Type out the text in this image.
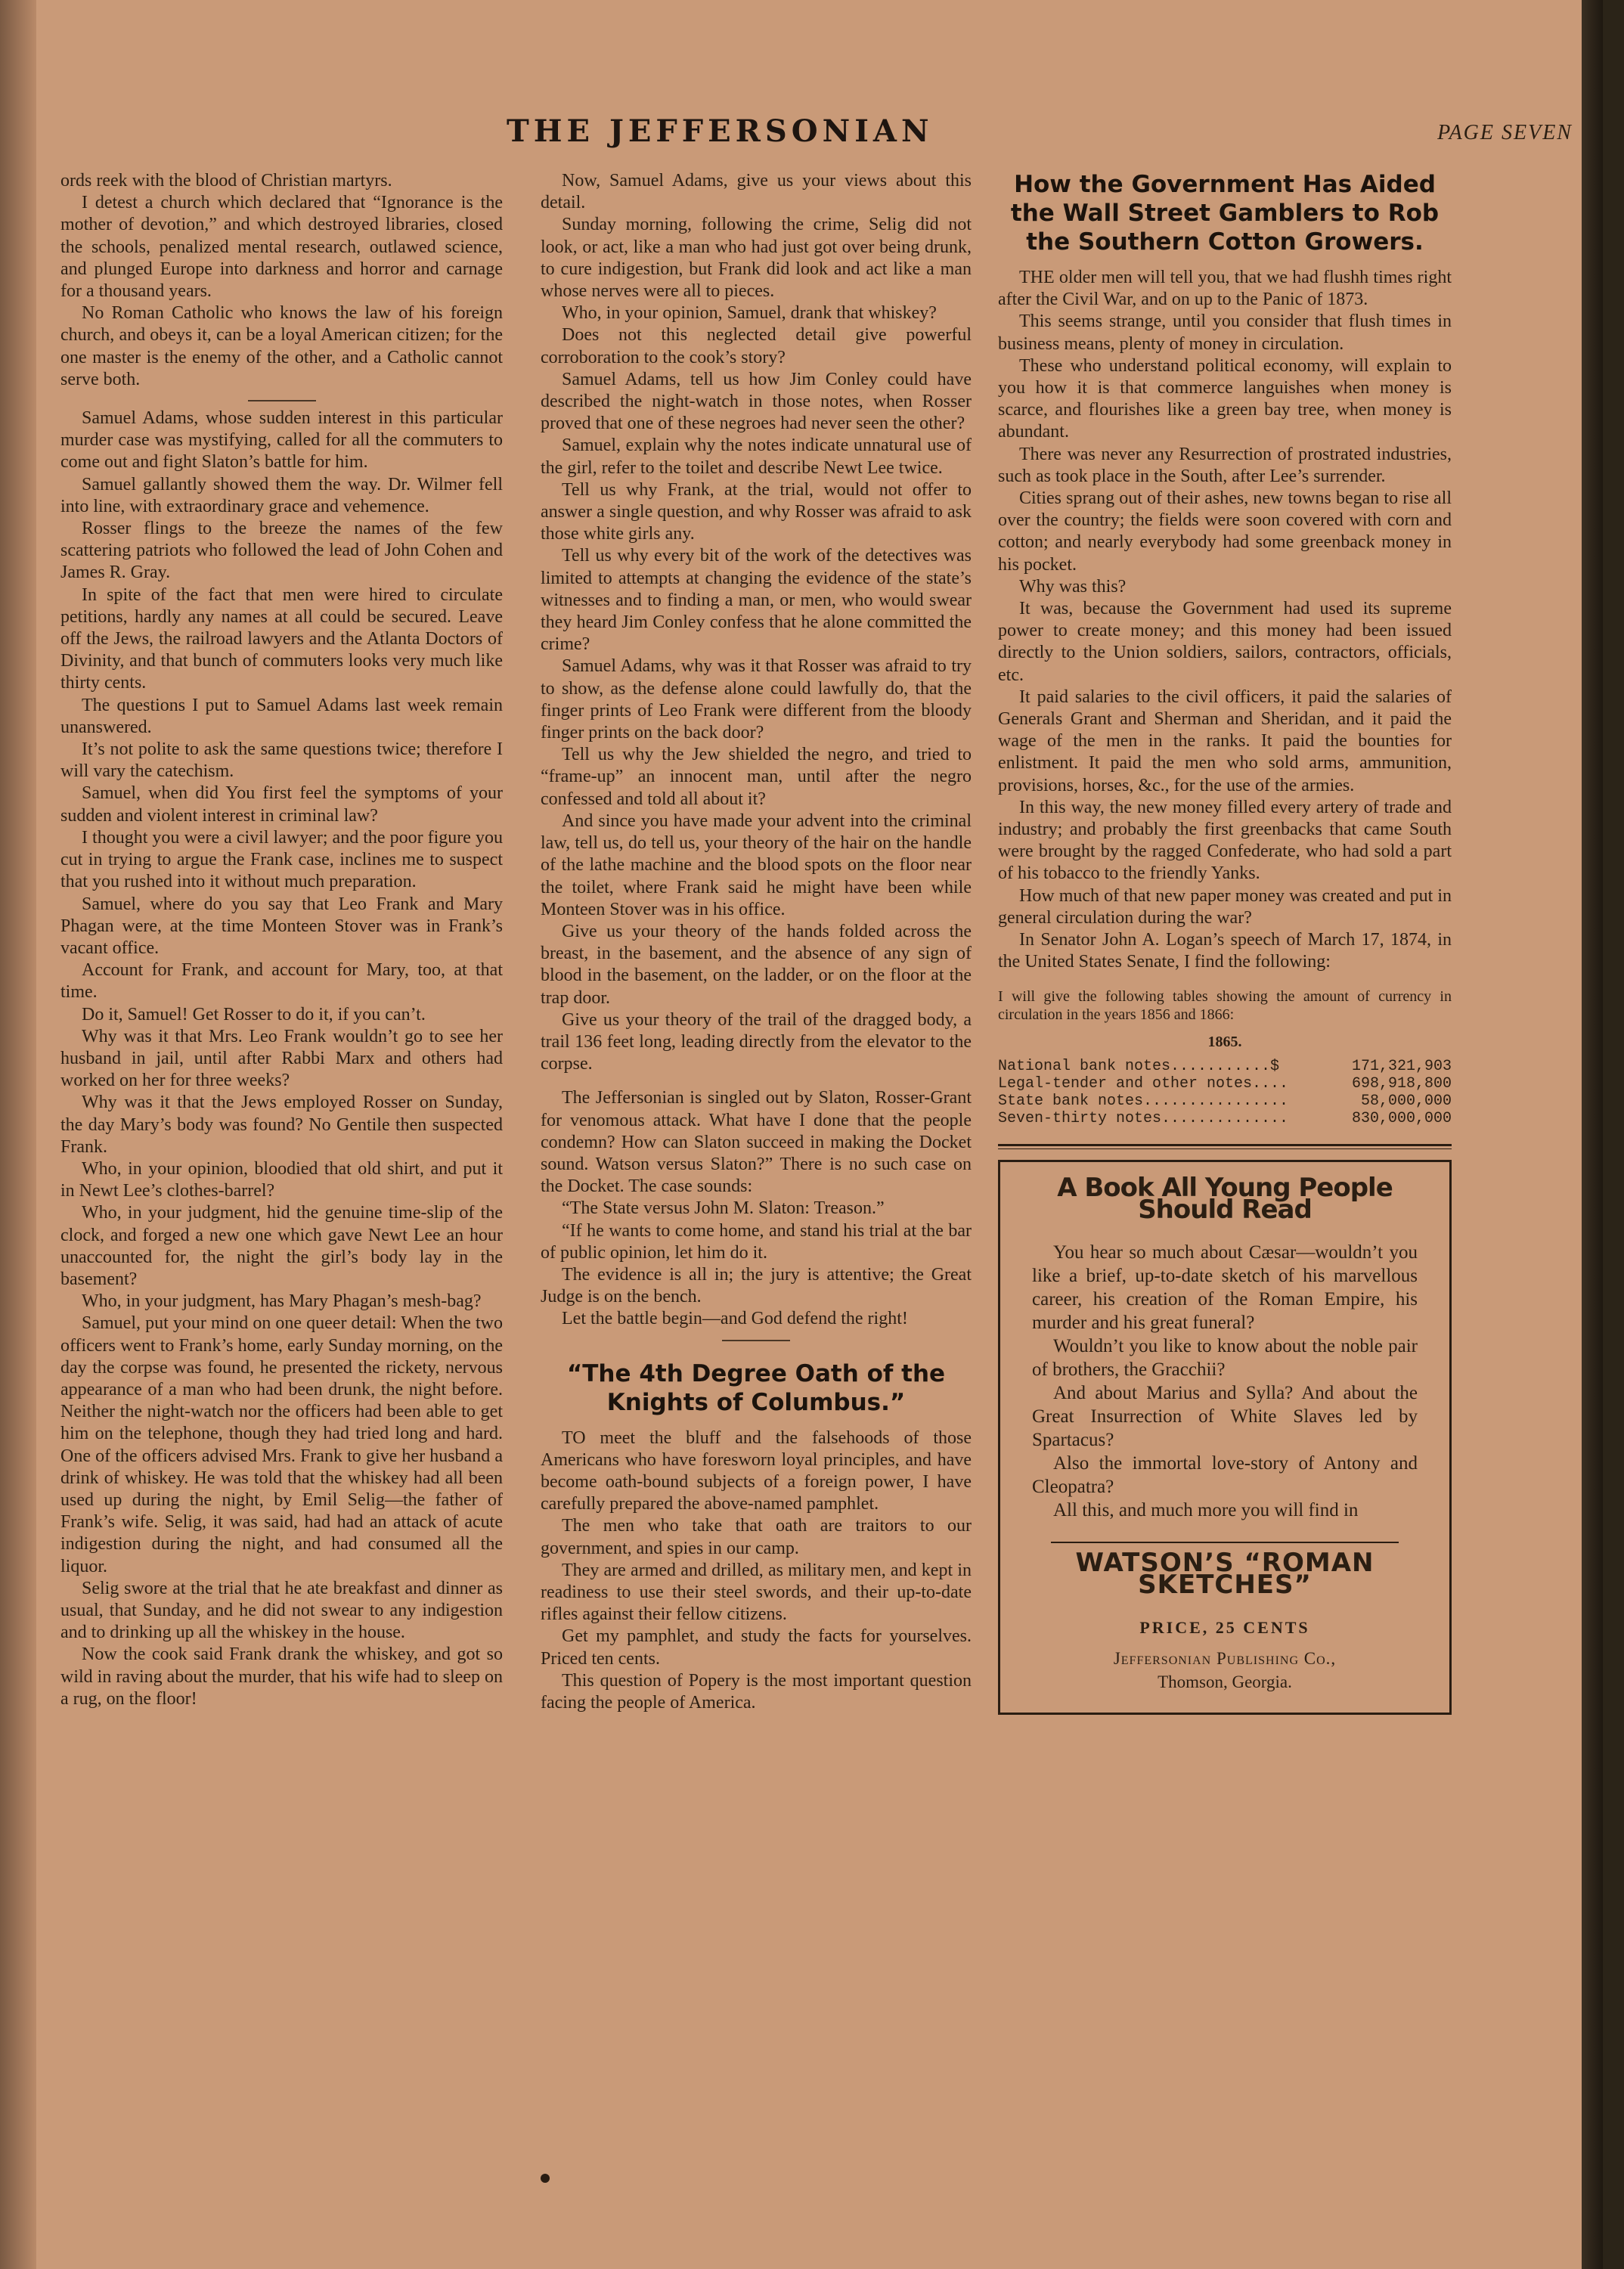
THE JEFFERSONIAN	PAGE SEVEN

ords reek with the blood of Christian martyrs.

I detest a church which declared that “Ignorance is the mother of devotion,” and which destroyed libraries, closed the schools, penalized mental research, outlawed science, and plunged Europe into darkness and horror and carnage for a thousand years.

No Roman Catholic who knows the law of his foreign church, and obeys it, can be a loyal American citizen; for the one master is the enemy of the other, and a Catholic cannot serve both.

Samuel Adams, whose sudden interest in this particular murder case was mystifying, called for all the commuters to come out and fight Slaton’s battle for him.

Samuel gallantly showed them the way. Dr. Wilmer fell into line, with extraordinary grace and vehemence.

Rosser flings to the breeze the names of the few scattering patriots who followed the lead of John Cohen and James R. Gray.

In spite of the fact that men were hired to circulate petitions, hardly any names at all could be secured. Leave off the Jews, the railroad lawyers and the Atlanta Doctors of Divinity, and that bunch of commuters looks very much like thirty cents.

The questions I put to Samuel Adams last week remain unanswered.

It’s not polite to ask the same questions twice; therefore I will vary the catechism.

Samuel, when did You first feel the symptoms of your sudden and violent interest in criminal law?

I thought you were a civil lawyer; and the poor figure you cut in trying to argue the Frank case, inclines me to suspect that you rushed into it without much preparation.

Samuel, where do you say that Leo Frank and Mary Phagan were, at the time Monteen Stover was in Frank’s vacant office.

Account for Frank, and account for Mary, too, at that time.

Do it, Samuel! Get Rosser to do it, if you can’t.

Why was it that Mrs. Leo Frank wouldn’t go to see her husband in jail, until after Rabbi Marx and others had worked on her for three weeks?

Why was it that the Jews employed Rosser on Sunday, the day Mary’s body was found? No Gentile then suspected Frank.

Who, in your opinion, bloodied that old shirt, and put it in Newt Lee’s clothes-barrel?

Who, in your judgment, hid the genuine time-slip of the clock, and forged a new one which gave Newt Lee an hour unaccounted for, the night the girl’s body lay in the basement?

Who, in your judgment, has Mary Phagan’s mesh-bag?

Samuel, put your mind on one queer detail: When the two officers went to Frank’s home, early Sunday morning, on the day the corpse was found, he presented the rickety, nervous appearance of a man who had been drunk, the night before. Neither the night-watch nor the officers had been able to get him on the telephone, though they had tried long and hard. One of the officers advised Mrs. Frank to give her husband a drink of whiskey. He was told that the whiskey had all been used up during the night, by Emil Selig—the father of Frank’s wife. Selig, it was said, had had an attack of acute indigestion during the night, and had consumed all the liquor.

Selig swore at the trial that he ate breakfast and dinner as usual, that Sunday, and he did not swear to any indigestion and to drinking up all the whiskey in the house.

Now the cook said Frank drank the whiskey, and got so wild in raving about the murder, that his wife had to sleep on a rug, on the floor!

Now, Samuel Adams, give us your views about this detail.

Sunday morning, following the crime, Selig did not look, or act, like a man who had just got over being drunk, to cure indigestion, but Frank did look and act like a man whose nerves were all to pieces.

Who, in your opinion, Samuel, drank that whiskey?

Does not this neglected detail give powerful corroboration to the cook’s story?

Samuel Adams, tell us how Jim Conley could have described the night-watch in those notes, when Rosser proved that one of these negroes had never seen the other?

Samuel, explain why the notes indicate unnatural use of the girl, refer to the toilet and describe Newt Lee twice.

Tell us why Frank, at the trial, would not offer to answer a single question, and why Rosser was afraid to ask those white girls any.

Tell us why every bit of the work of the detectives was limited to attempts at changing the evidence of the state’s witnesses and to finding a man, or men, who would swear they heard Jim Conley confess that he alone committed the crime?

Samuel Adams, why was it that Rosser was afraid to try to show, as the defense alone could lawfully do, that the finger prints of Leo Frank were different from the bloody finger prints on the back door?

Tell us why the Jew shielded the negro, and tried to “frame-up” an innocent man, until after the negro confessed and told all about it?

And since you have made your advent into the criminal law, tell us, do tell us, your theory of the hair on the handle of the lathe machine and the blood spots on the floor near the toilet, where Frank said he might have been while Monteen Stover was in his office.

Give us your theory of the hands folded across the breast, in the basement, and the absence of any sign of blood in the basement, on the ladder, or on the floor at the trap door.

Give us your theory of the trail of the dragged body, a trail 136 feet long, leading directly from the elevator to the corpse.

The Jeffersonian is singled out by Slaton, Rosser-Grant for venomous attack. What have I done that the people condemn? How can Slaton succeed in making the Docket sound. Watson versus Slaton?” There is no such case on the Docket. The case sounds:

“The State versus John M. Slaton: Treason.”

“If he wants to come home, and stand his trial at the bar of public opinion, let him do it.

The evidence is all in; the jury is attentive; the Great Judge is on the bench.

Let the battle begin—and God defend the right!

“The 4th Degree Oath of the Knights of Columbus.”

TO meet the bluff and the falsehoods of those Americans who have foresworn loyal principles, and have become oath-bound subjects of a foreign power, I have carefully prepared the above-named pamphlet.

The men who take that oath are traitors to our government, and spies in our camp.

They are armed and drilled, as military men, and kept in readiness to use their steel swords, and their up-to-date rifles against their fellow citizens.

Get my pamphlet, and study the facts for yourselves. Priced ten cents.

This question of Popery is the most important question facing the people of America.

How the Government Has Aided the Wall Street Gamblers to Rob the Southern Cotton Growers.

THE older men will tell you, that we had flushh times right after the Civil War, and on up to the Panic of 1873.

This seems strange, until you consider that flush times in business means, plenty of money in circulation.

These who understand political economy, will explain to you how it is that commerce languishes when money is scarce, and flourishes like a green bay tree, when money is abundant.

There was never any Resurrection of prostrated industries, such as took place in the South, after Lee’s surrender.

Cities sprang out of their ashes, new towns began to rise all over the country; the fields were soon covered with corn and cotton; and nearly everybody had some greenback money in his pocket.

Why was this?

It was, because the Government had used its supreme power to create money; and this money had been issued directly to the Union soldiers, sailors, contractors, officials, etc.

It paid salaries to the civil officers, it paid the salaries of Generals Grant and Sherman and Sheridan, and it paid the wage of the men in the ranks. It paid the bounties for enlistment. It paid the men who sold arms, ammunition, provisions, horses, &c., for the use of the armies.

In this way, the new money filled every artery of trade and industry; and probably the first greenbacks that came South were brought by the ragged Confederate, who had sold a part of his tobacco to the friendly Yanks.

How much of that new paper money was created and put in general circulation during the war?

In Senator John A. Logan’s speech of March 17, 1874, in the United States Senate, I find the following:

I will give the following tables showing the amount of currency in circulation in the years 1856 and 1866:
1865.
National bank notes...........$	171,321,903
Legal-tender and other notes....	698,918,800
State bank notes................	58,000,000
Seven-thirty notes..............	830,000,000
A Book All Young People Should Read

You hear so much about Cæsar—wouldn’t you like a brief, up-to-date sketch of his marvellous career, his creation of the Roman Empire, his murder and his great funeral?

Wouldn’t you like to know about the noble pair of brothers, the Gracchii?

And about Marius and Sylla? And about the Great Insurrection of White Slaves led by Spartacus?

Also the immortal love-story of Antony and Cleopatra?

All this, and much more you will find in

WATSON’S “ROMAN SKETCHES”
PRICE, 25 CENTS
Jeffersonian Publishing Co.,
Thomson, Georgia.
